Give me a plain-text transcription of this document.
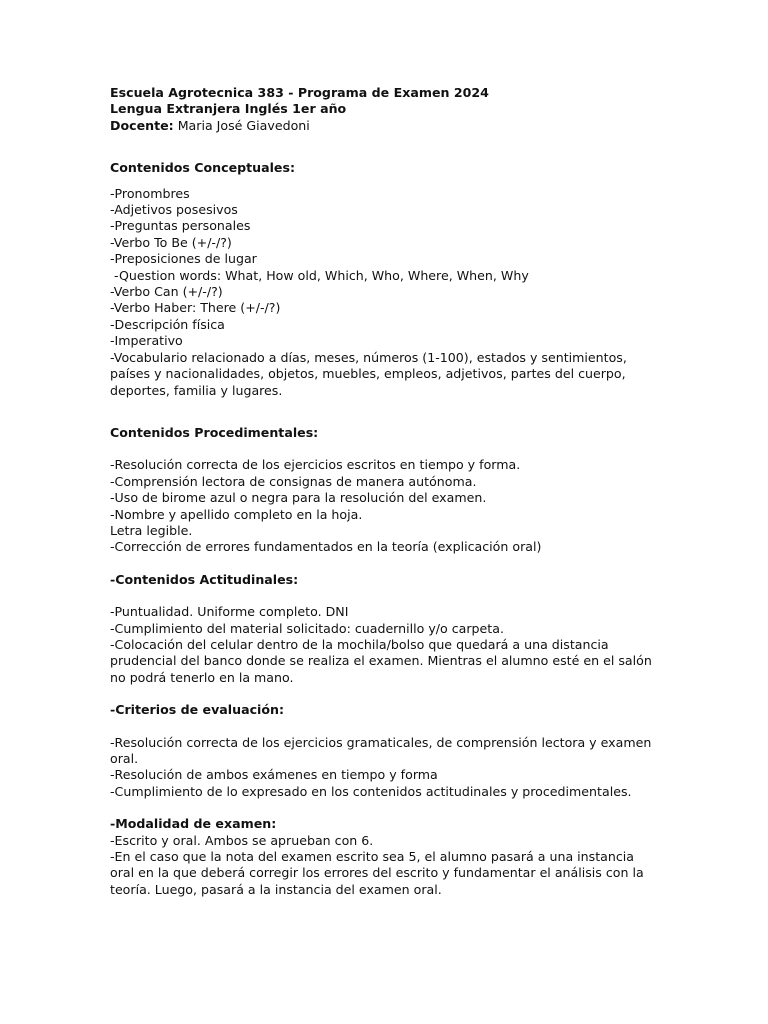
Escuela Agrotecnica 383 - Programa de Examen 2024
Lengua Extranjera Inglés 1er año
Docente: Maria José Giavedoni
Contenidos Conceptuales:
-Pronombres
-Adjetivos posesivos
-Preguntas personales
-Verbo To Be (+/-/?)
-Preposiciones de lugar
-Question words: What, How old, Which, Who, Where, When, Why
-Verbo Can (+/-/?)
-Verbo Haber: There (+/-/?)
-Descripción física
-Imperativo
-Vocabulario relacionado a días, meses, números (1-100), estados y sentimientos, países y nacionalidades, objetos, muebles, empleos, adjetivos, partes del cuerpo, deportes, familia y lugares.
Contenidos Procedimentales:
-Resolución correcta de los ejercicios escritos en tiempo y forma.
-Comprensión lectora de consignas de manera autónoma.
-Uso de birome azul o negra para la resolución del examen.
-Nombre y apellido completo en la hoja.
Letra legible.
-Corrección de errores fundamentados en la teoría (explicación oral)
-Contenidos Actitudinales:
-Puntualidad. Uniforme completo. DNI
-Cumplimiento del material solicitado: cuadernillo y/o carpeta.
-Colocación del celular dentro de la mochila/bolso que quedará a una distancia prudencial del banco donde se realiza el examen. Mientras el alumno esté en el salón no podrá tenerlo en la mano.
-Criterios de evaluación:
-Resolución correcta de los ejercicios gramaticales, de comprensión lectora y examen oral.
-Resolución de ambos exámenes en tiempo y forma
-Cumplimiento de lo expresado en los contenidos actitudinales y procedimentales.
-Modalidad de examen:
-Escrito y oral. Ambos se aprueban con 6.
-En el caso que la nota del examen escrito sea 5, el alumno pasará a una instancia oral en la que deberá corregir los errores del escrito y fundamentar el análisis con la teoría. Luego, pasará a la instancia del examen oral.
